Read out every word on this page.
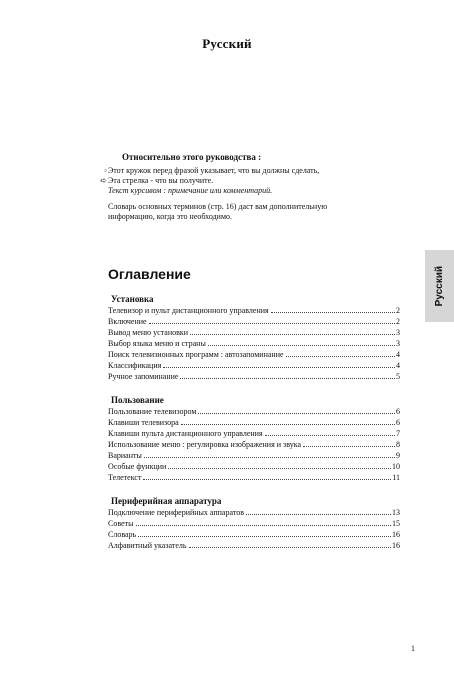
Русский
Относительно этого руководства :
◦ Этот кружок перед фразой указывает, что вы должны сделать,
➪ Эта стрелка - что вы получите.
Текст курсивом : примечание или комментарий.
Словарь основных терминов (стр. 16) даст вам дополнительную
информацию, когда это необходимо.
Русский
Оглавление
Установка
Телевизор и пульт дистанционного управления	2
Включение	2
Вывод меню установки	3
Выбор языка меню и страны	3
Поиск телевизионных программ : автозапоминание	4
Классификация	4
Ручное запоминание	5
Пользование
Пользование телевизором	6
Клавиши телевизора	6
Клавиши пульта дистанционного управления	7
Использование меню : регулировка изображения и звука	8
Варианты	9
Особые функции	10
Телетекст	11
Периферийная аппаратура
Подключение периферийных аппаратов	13
Советы	15
Словарь	16
Алфавитный указатель	16
1
